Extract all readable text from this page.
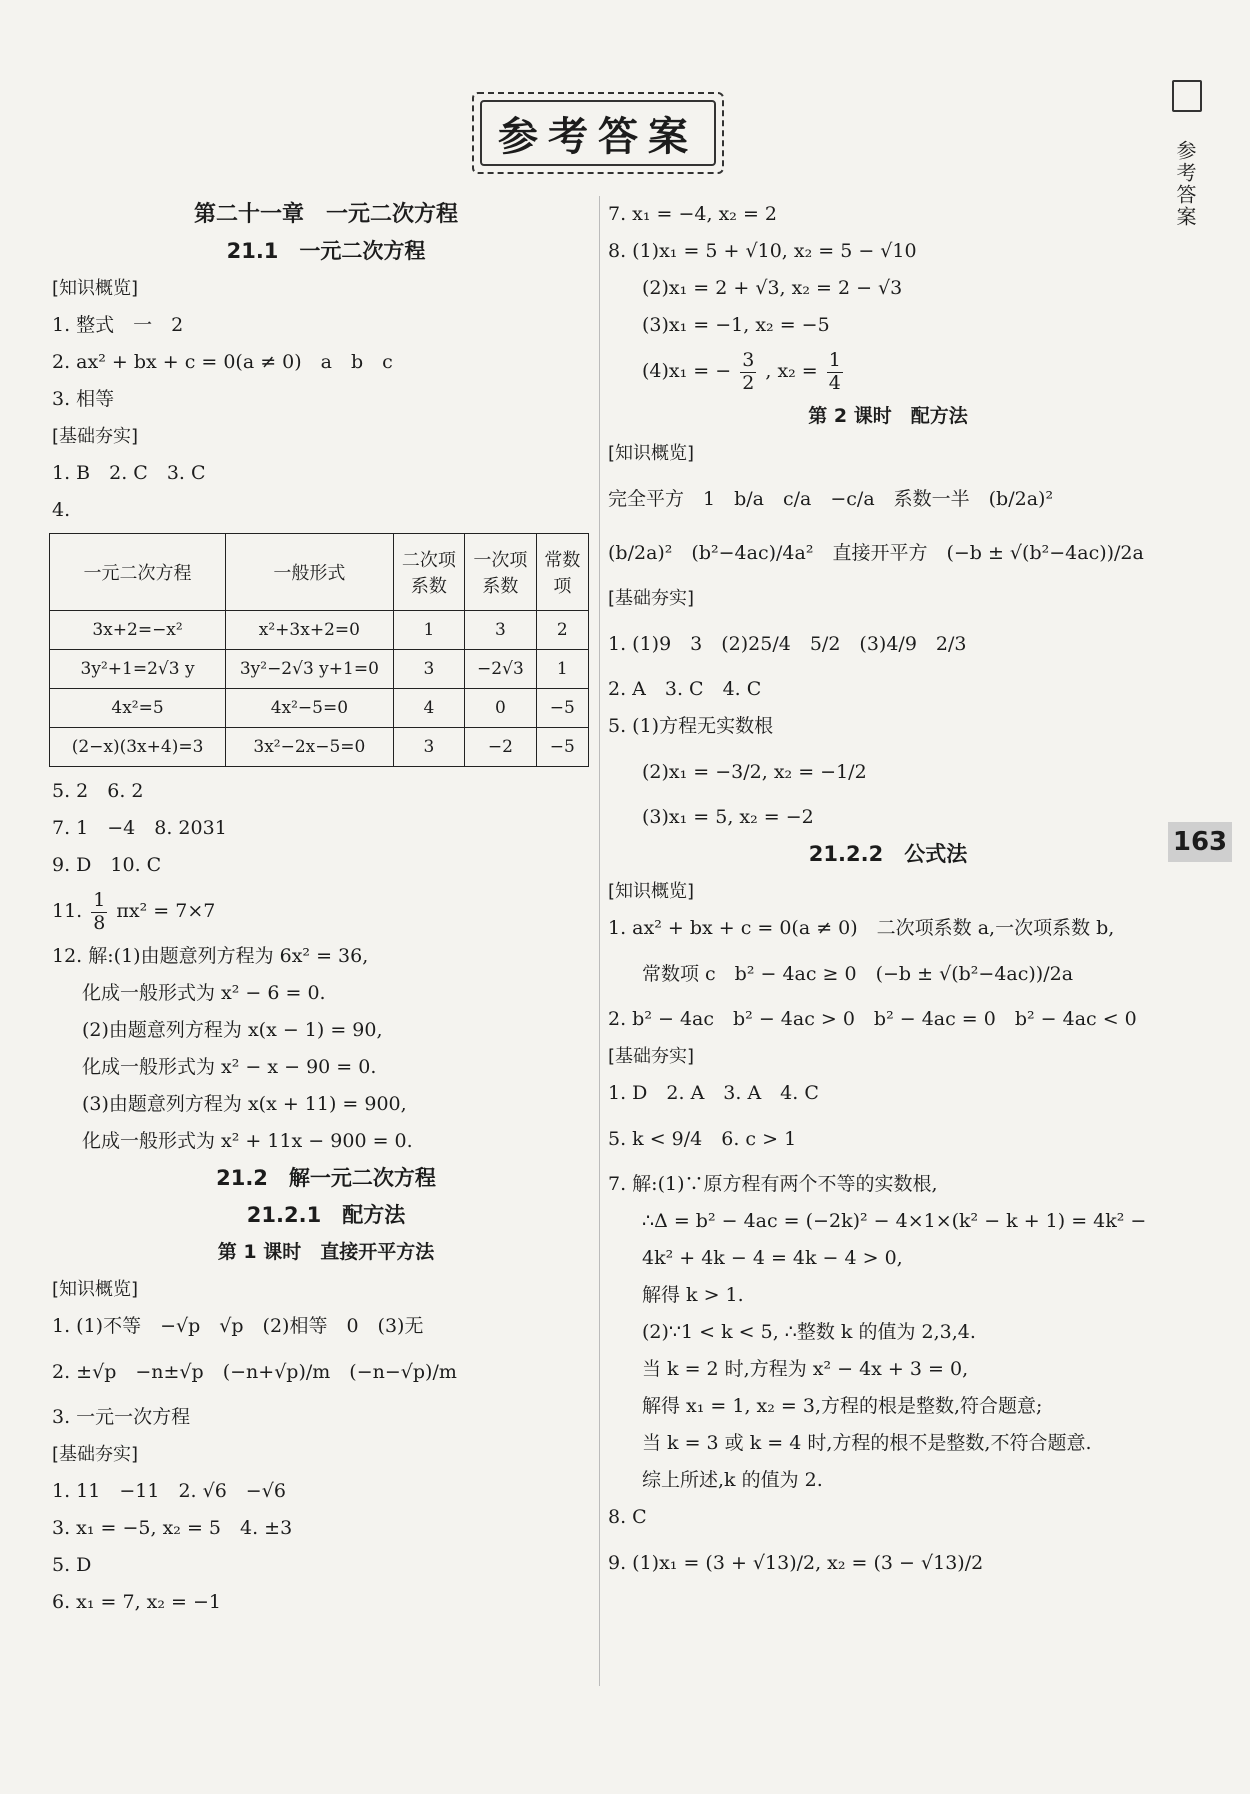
参考答案
参考答案
163
第二十一章　一元二次方程
21.1　一元二次方程
[知识概览]
1. 整式　一　2
2. ax² + bx + c = 0(a ≠ 0)　a　b　c
3. 相等
[基础夯实]
1. B　2. C　3. C
4.
一元二次方程	一般形式	二次项系数	一次项系数	常数项
3x+2=−x²	x²+3x+2=0	1	3	2
3y²+1=2√3 y	3y²−2√3 y+1=0	3	−2√3	1
4x²=5	4x²−5=0	4	0	−5
(2−x)(3x+4)=3	3x²−2x−5=0	3	−2	−5
5. 2　6. 2
7. 1　−4　8. 2031
9. D　10. C
11. $\frac{1}{8} \pi x^2 = 7\times 7$
12. 解:(1)由题意列方程为 6x² = 36,
化成一般形式为 x² − 6 = 0.
(2)由题意列方程为 x(x − 1) = 90,
化成一般形式为 x² − x − 90 = 0.
(3)由题意列方程为 x(x + 11) = 900,
化成一般形式为 x² + 11x − 900 = 0.
21.2　解一元二次方程
21.2.1　配方法
第 1 课时　直接开平方法
[知识概览]
1. (1)不等　−√p　√p　(2)相等　0　(3)无
2. ±√p　−n±√p　(−n+√p)/m　(−n−√p)/m
3. 一元一次方程
[基础夯实]
1. 11　−11　2. √6　−√6
3. x₁ = −5, x₂ = 5　4. ±3
5. D
6. x₁ = 7, x₂ = −1
7. x₁ = −4, x₂ = 2
8. (1)x₁ = 5 + √10, x₂ = 5 − √10
(2)x₁ = 2 + √3, x₂ = 2 − √3
(3)x₁ = −1, x₂ = −5
(4)x₁ = − $\frac{3}{2}$ , $x_2 = \frac{1}{4}$
第 2 课时　配方法
[知识概览]
完全平方　1　b/a　c/a　−c/a　系数一半　(b/2a)²
(b/2a)²　(b²−4ac)/4a²　直接开平方　(−b ± √(b²−4ac))/2a
[基础夯实]
1. (1)9　3　(2)25/4　5/2　(3)4/9　2/3
2. A　3. C　4. C
5. (1)方程无实数根
(2)x₁ = −3/2, x₂ = −1/2
(3)x₁ = 5, x₂ = −2
21.2.2　公式法
[知识概览]
1. ax² + bx + c = 0(a ≠ 0)　二次项系数 a,一次项系数 b,
常数项 c　b² − 4ac ≥ 0　(−b ± √(b²−4ac))/2a
2. b² − 4ac　b² − 4ac > 0　b² − 4ac = 0　b² − 4ac < 0
[基础夯实]
1. D　2. A　3. A　4. C
5. k < 9/4　6. c > 1
7. 解:(1)∵原方程有两个不等的实数根,
∴Δ = b² − 4ac = (−2k)² − 4×1×(k² − k + 1) = 4k² −
4k² + 4k − 4 = 4k − 4 > 0,
解得 k > 1.
(2)∵1 < k < 5, ∴整数 k 的值为 2,3,4.
当 k = 2 时,方程为 x² − 4x + 3 = 0,
解得 x₁ = 1, x₂ = 3,方程的根是整数,符合题意;
当 k = 3 或 k = 4 时,方程的根不是整数,不符合题意.
综上所述,k 的值为 2.
8. C
9. (1)x₁ = (3 + √13)/2, x₂ = (3 − √13)/2
